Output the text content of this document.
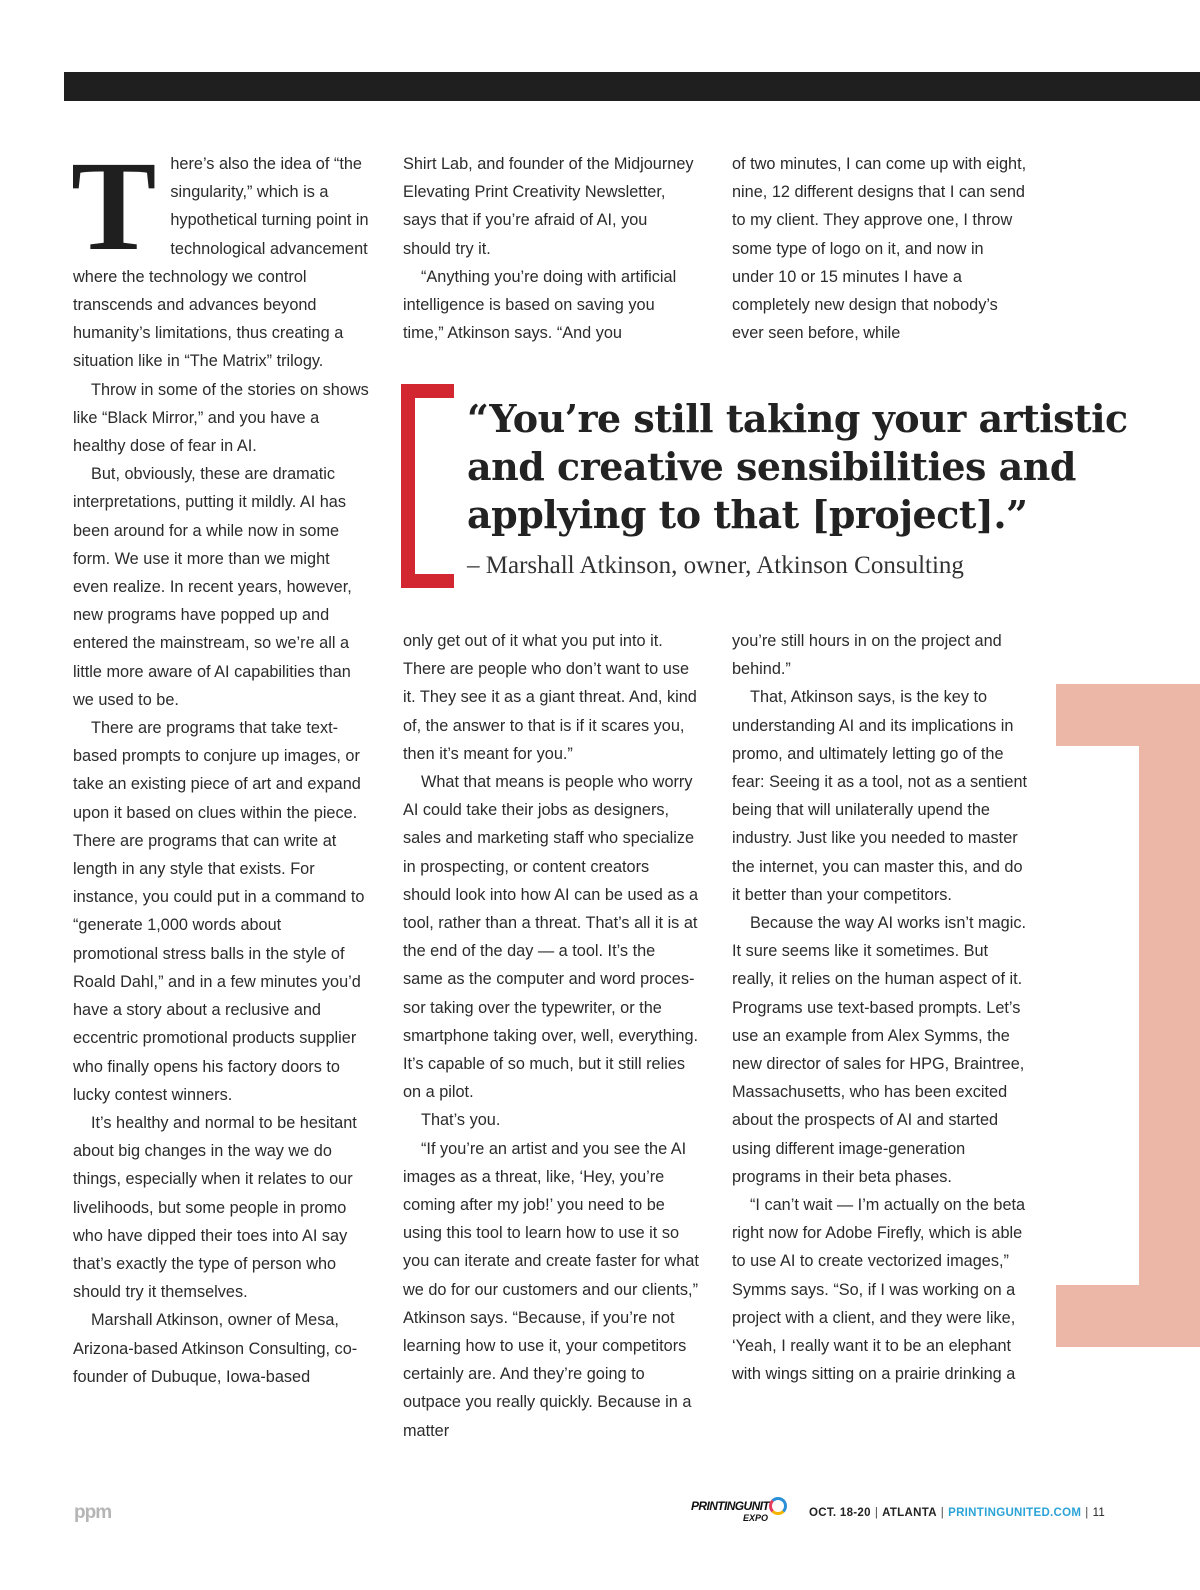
There’s also the idea of “the singularity,” which is a hypothetical turning point in technological advancement where the technology we control transcends and advances beyond humanity’s limitations, thus creating a situation like in “The Matrix” trilogy.

Throw in some of the stories on shows like “Black Mirror,” and you have a healthy dose of fear in AI.

But, obviously, these are dramatic interpretations, putting it mildly. AI has been around for a while now in some form. We use it more than we might even realize. In recent years, however, new programs have popped up and entered the mainstream, so we’re all a little more aware of AI capabilities than we used to be.

There are programs that take text-based prompts to conjure up images, or take an existing piece of art and expand upon it based on clues within the piece. There are programs that can write at length in any style that exists. For instance, you could put in a command to “generate 1,000 words about promotional stress balls in the style of Roald Dahl,” and in a few minutes you’d have a story about a reclusive and eccentric promotional products supplier who finally opens his factory doors to lucky contest winners.

It’s healthy and normal to be hesitant about big changes in the way we do things, especially when it relates to our livelihoods, but some people in promo who have dipped their toes into AI say that’s exactly the type of person who should try it themselves.

Marshall Atkinson, owner of Mesa, Arizona-based Atkinson Consulting, co-founder of Dubuque, Iowa-based

Shirt Lab, and founder of the Midjourney Elevating Print Creativity Newsletter, says that if you’re afraid of AI, you should try it.

“Anything you’re doing with artificial intelligence is based on saving you time,” Atkinson says. “And you

of two minutes, I can come up with eight, nine, 12 different designs that I can send to my client. They approve one, I throw some type of logo on it, and now in under 10 or 15 minutes I have a completely new design that nobody’s ever seen before, while

“You’re still taking your artistic and creative sensibilities and applying to that [project].”
– Marshall Atkinson, owner, Atkinson Consulting

only get out of it what you put into it. There are people who don’t want to use it. They see it as a giant threat. And, kind of, the answer to that is if it scares you, then it’s meant for you.”

What that means is people who worry AI could take their jobs as designers, sales and marketing staff who specialize in prospecting, or content creators should look into how AI can be used as a tool, rather than a threat. That’s all it is at the end of the day — a tool. It’s the same as the computer and word processor taking over the typewriter, or the smartphone taking over, well, everything. It’s capable of so much, but it still relies on a pilot.

That’s you.

“If you’re an artist and you see the AI images as a threat, like, ‘Hey, you’re coming after my job!’ you need to be using this tool to learn how to use it so you can iterate and create faster for what we do for our customers and our clients,” Atkinson says. “Because, if you’re not learning how to use it, your competitors certainly are. And they’re going to outpace you really quickly. Because in a matter

you’re still hours in on the project and behind.”

That, Atkinson says, is the key to understanding AI and its implications in promo, and ultimately letting go of the fear: Seeing it as a tool, not as a sentient being that will unilaterally upend the industry. Just like you needed to master the internet, you can master this, and do it better than your competitors.

Because the way AI works isn’t magic. It sure seems like it sometimes. But really, it relies on the human aspect of it. Programs use text-based prompts. Let’s use an example from Alex Symms, the new director of sales for HPG, Braintree, Massachusetts, who has been excited about the prospects of AI and started using different image-generation programs in their beta phases.

“I can’t wait — I’m actually on the beta right now for Adobe Firefly, which is able to use AI to create vectorized images,” Symms says. “So, if I was working on a project with a client, and they were like, ‘Yeah, I really want it to be an elephant with wings sitting on a prairie drinking a

ppm	PRINTINGUNIT
EXPO	OCT. 18-20 | ATLANTA | PRINTINGUNITED.COM | 11
